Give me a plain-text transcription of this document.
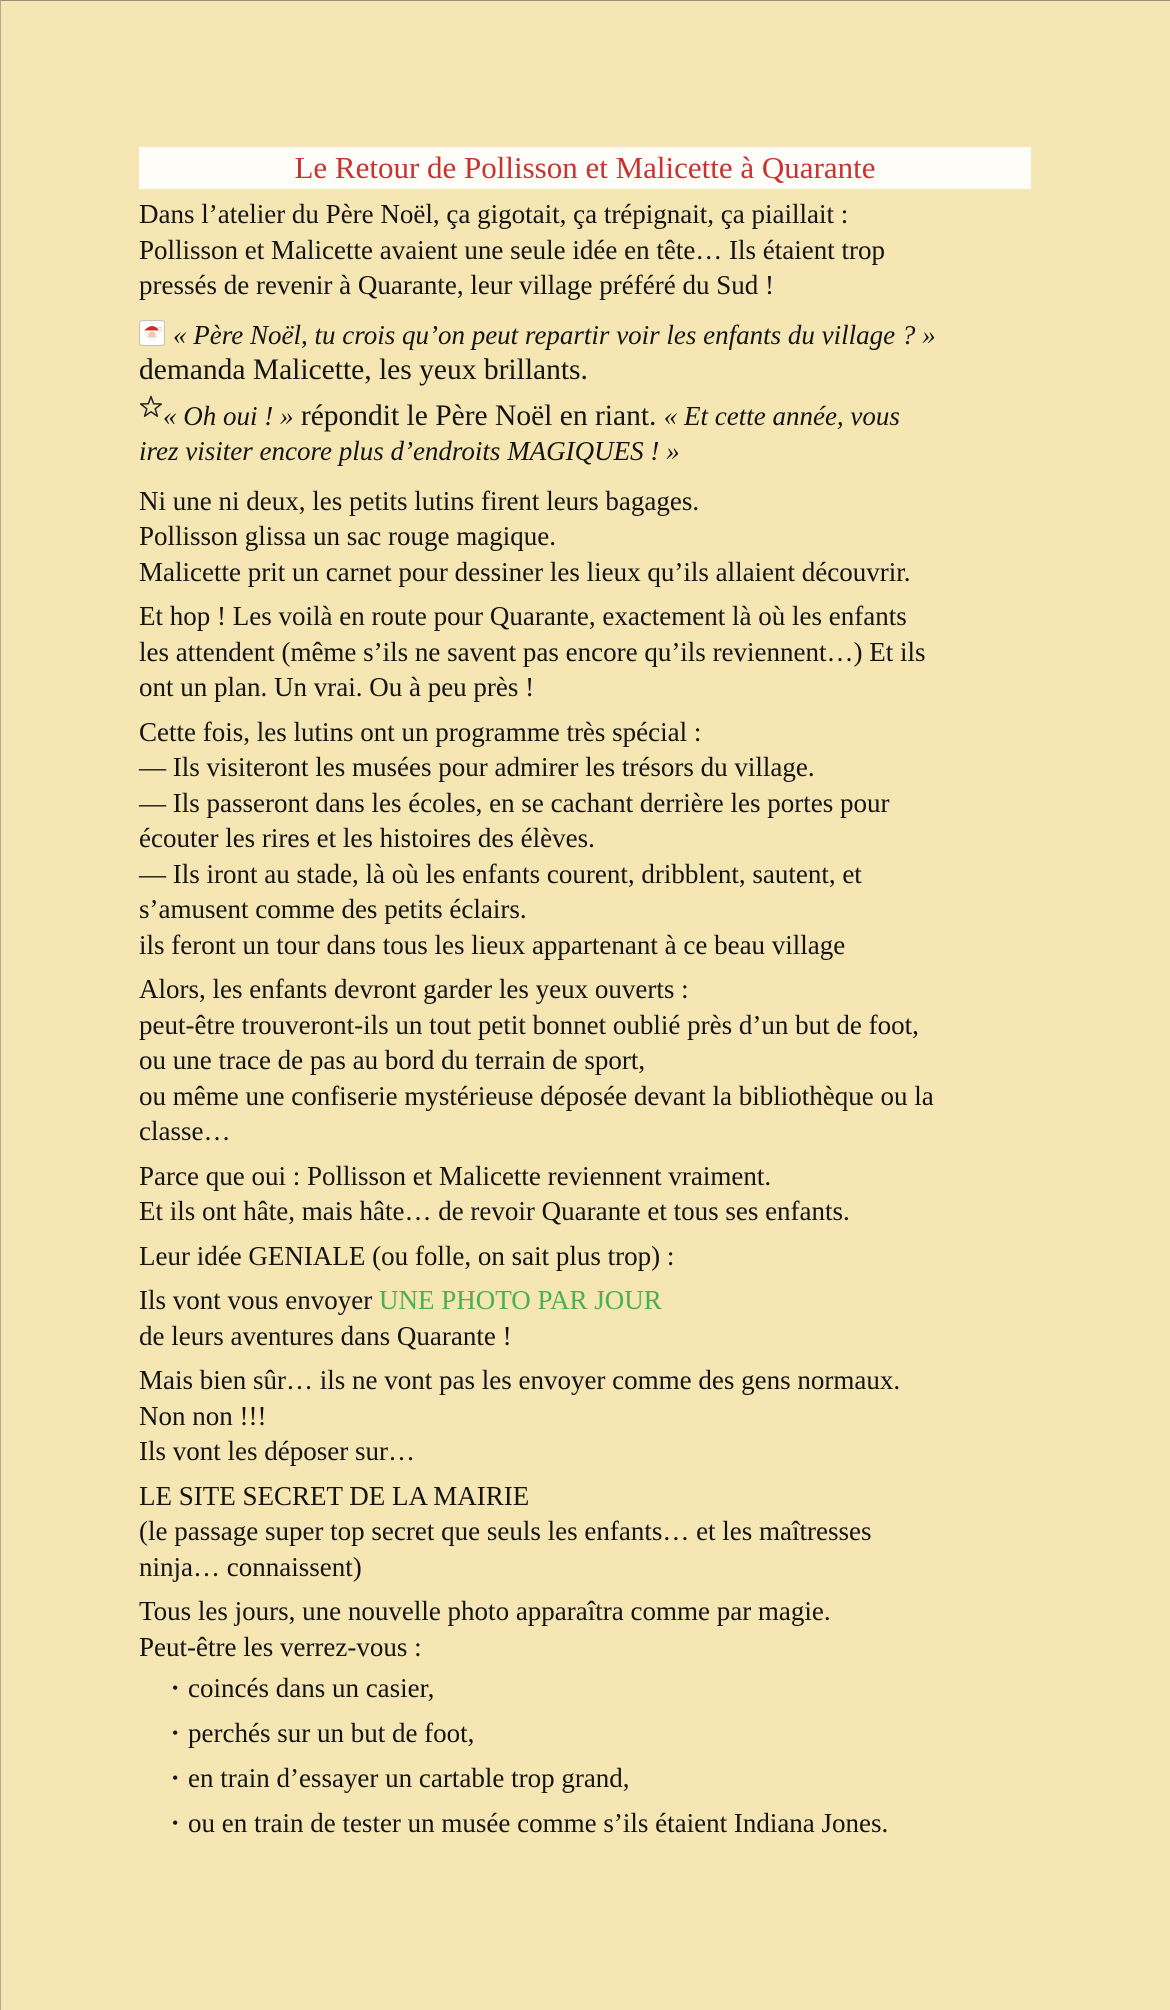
Le Retour de Pollisson et Malicette à Quarante

Dans l’atelier du Père Noël, ça gigotait, ça trépignait, ça piaillait :
Pollisson et Malicette avaient une seule idée en tête… Ils étaient trop
pressés de revenir à Quarante, leur village préféré du Sud !

« Père Noël, tu crois qu’on peut repartir voir les enfants du village ? »
demanda Malicette, les yeux brillants.

« Oh oui ! » répondit le Père Noël en riant. « Et cette année, vous
irez visiter encore plus d’endroits MAGIQUES ! »

Ni une ni deux, les petits lutins firent leurs bagages.
Pollisson glissa un sac rouge magique.
Malicette prit un carnet pour dessiner les lieux qu’ils allaient découvrir.

Et hop ! Les voilà en route pour Quarante, exactement là où les enfants
les attendent (même s’ils ne savent pas encore qu’ils reviennent…) Et ils
ont un plan. Un vrai. Ou à peu près !

Cette fois, les lutins ont un programme très spécial :
— Ils visiteront les musées pour admirer les trésors du village.
— Ils passeront dans les écoles, en se cachant derrière les portes pour
écouter les rires et les histoires des élèves.
— Ils iront au stade, là où les enfants courent, dribblent, sautent, et
s’amusent comme des petits éclairs.
ils feront un tour dans tous les lieux appartenant à ce beau village

Alors, les enfants devront garder les yeux ouverts :
peut-être trouveront-ils un tout petit bonnet oublié près d’un but de foot,
ou une trace de pas au bord du terrain de sport,
ou même une confiserie mystérieuse déposée devant la bibliothèque ou la
classe…

Parce que oui : Pollisson et Malicette reviennent vraiment.
Et ils ont hâte, mais hâte… de revoir Quarante et tous ses enfants.

Leur idée GENIALE (ou folle, on sait plus trop) :

Ils vont vous envoyer UNE PHOTO PAR JOUR
de leurs aventures dans Quarante !

Mais bien sûr… ils ne vont pas les envoyer comme des gens normaux.
Non non !!!
Ils vont les déposer sur…

LE SITE SECRET DE LA MAIRIE
(le passage super top secret que seuls les enfants… et les maîtresses
ninja… connaissent)

Tous les jours, une nouvelle photo apparaîtra comme par magie.
Peut-être les verrez-vous :

• coincés dans un casier,
• perchés sur un but de foot,
• en train d’essayer un cartable trop grand,
• ou en train de tester un musée comme s’ils étaient Indiana Jones.
